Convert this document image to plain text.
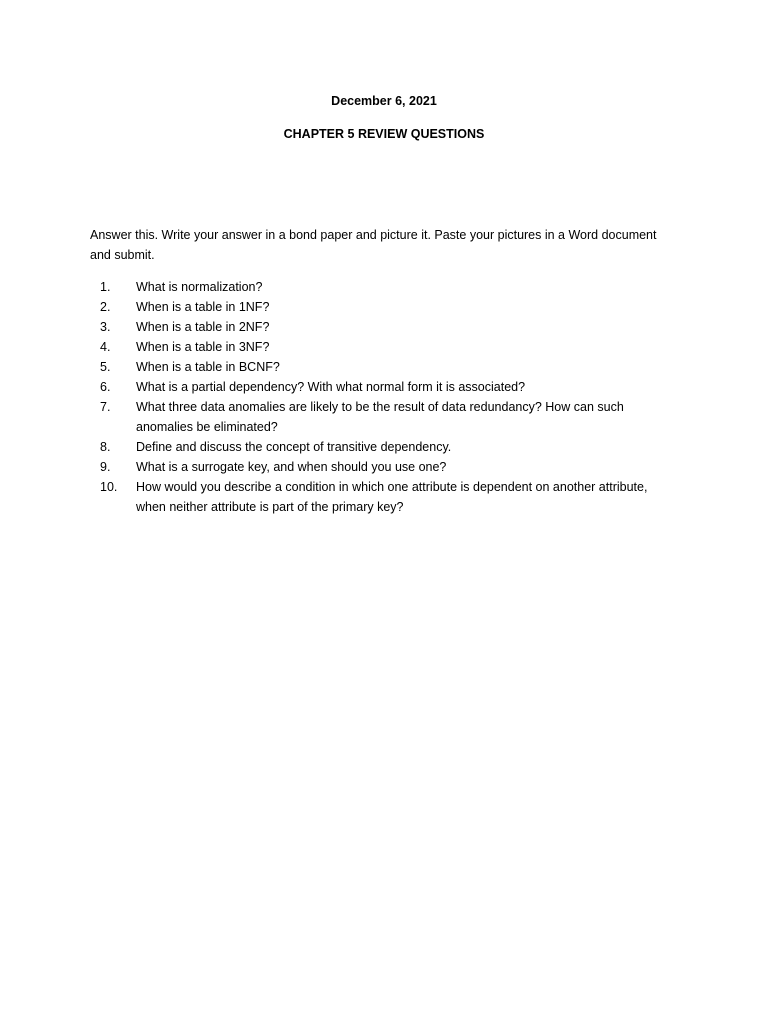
December 6, 2021
CHAPTER 5 REVIEW QUESTIONS

Answer this. Write your answer in a bond paper and picture it. Paste your pictures in a Word document and submit.

1.	What is normalization?
2.	When is a table in 1NF?
3.	When is a table in 2NF?
4.	When is a table in 3NF?
5.	When is a table in BCNF?
6.	What is a partial dependency? With what normal form it is associated?
7.	What three data anomalies are likely to be the result of data redundancy? How can such anomalies be eliminated?
8.	Define and discuss the concept of transitive dependency.
9.	What is a surrogate key, and when should you use one?
10.	How would you describe a condition in which one attribute is dependent on another attribute, when neither attribute is part of the primary key?
